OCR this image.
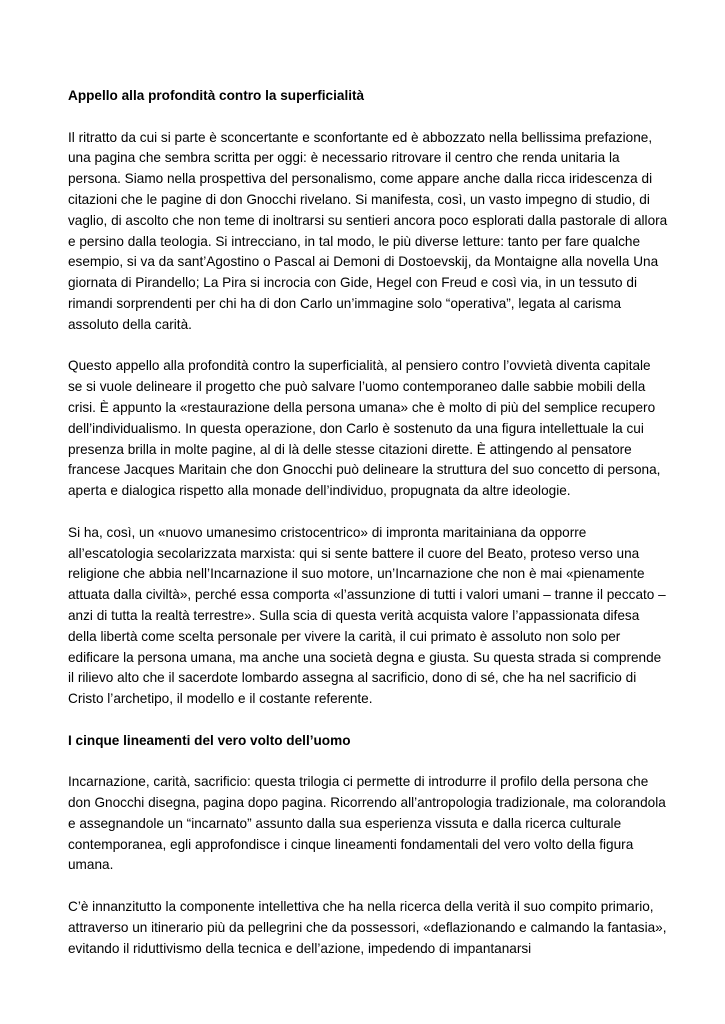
Appello alla profondità contro la superficialità

Il ritratto da cui si parte è sconcertante e sconfortante ed è abbozzato nella bellissima prefazione, una pagina che sembra scritta per oggi: è necessario ritrovare il centro che renda unitaria la persona. Siamo nella prospettiva del personalismo, come appare anche dalla ricca iridescenza di citazioni che le pagine di don Gnocchi rivelano. Si manifesta, così, un vasto impegno di studio, di vaglio, di ascolto che non teme di inoltrarsi su sentieri ancora poco esplorati dalla pastorale di allora e persino dalla teologia. Si intrecciano, in tal modo, le più diverse letture: tanto per fare qualche esempio, si va da sant’Agostino o Pascal ai Demoni di Dostoevskij, da Montaigne alla novella Una giornata di Pirandello; La Pira si incrocia con Gide, Hegel con Freud e così via, in un tessuto di rimandi sorprendenti per chi ha di don Carlo un’immagine solo “operativa”, legata al carisma assoluto della carità.

Questo appello alla profondità contro la superficialità, al pensiero contro l’ovvietà diventa capitale se si vuole delineare il progetto che può salvare l’uomo contemporaneo dalle sabbie mobili della crisi. È appunto la «restaurazione della persona umana» che è molto di più del semplice recupero dell’individualismo. In questa operazione, don Carlo è sostenuto da una figura intellettuale la cui presenza brilla in molte pagine, al di là delle stesse citazioni dirette. È attingendo al pensatore francese Jacques Maritain che don Gnocchi può delineare la struttura del suo concetto di persona, aperta e dialogica rispetto alla monade dell’individuo, propugnata da altre ideologie.

Si ha, così, un «nuovo umanesimo cristocentrico» di impronta maritainiana da opporre all’escatologia secolarizzata marxista: qui si sente battere il cuore del Beato, proteso verso una religione che abbia nell’Incarnazione il suo motore, un’Incarnazione che non è mai «pienamente attuata dalla civiltà», perché essa comporta «l’assunzione di tutti i valori umani – tranne il peccato – anzi di tutta la realtà terrestre». Sulla scia di questa verità acquista valore l’appassionata difesa della libertà come scelta personale per vivere la carità, il cui primato è assoluto non solo per edificare la persona umana, ma anche una società degna e giusta. Su questa strada si comprende il rilievo alto che il sacerdote lombardo assegna al sacrificio, dono di sé, che ha nel sacrificio di Cristo l’archetipo, il modello e il costante referente.

I cinque lineamenti del vero volto dell’uomo

Incarnazione, carità, sacrificio: questa trilogia ci permette di introdurre il profilo della persona che don Gnocchi disegna, pagina dopo pagina. Ricorrendo all’antropologia tradizionale, ma colorandola e assegnandole un “incarnato” assunto dalla sua esperienza vissuta e dalla ricerca culturale contemporanea, egli approfondisce i cinque lineamenti fondamentali del vero volto della figura umana.

C’è innanzitutto la componente intellettiva che ha nella ricerca della verità il suo compito primario, attraverso un itinerario più da pellegrini che da possessori, «deflazionando e calmando la fantasia», evitando il riduttivismo della tecnica e dell’azione, impedendo di impantanarsi
